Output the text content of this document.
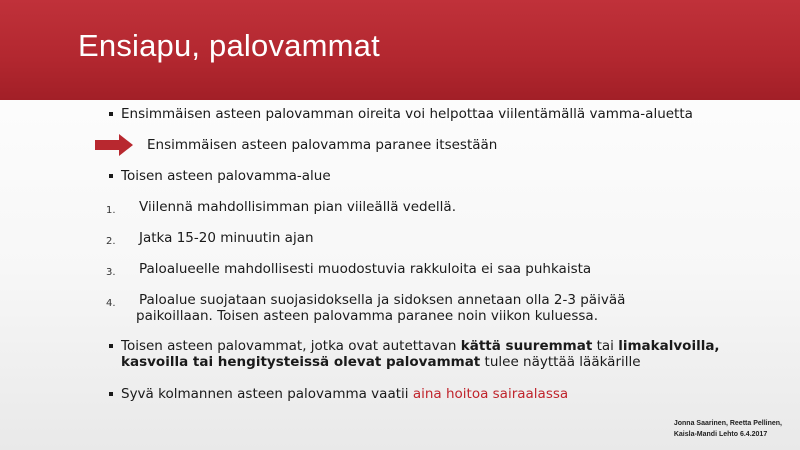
Ensiapu, palovammat
Ensimmäisen asteen palovamman oireita voi helpottaa viilentämällä vamma-aluetta
Ensimmäisen asteen palovamma paranee itsestään
Toisen asteen palovamma-alue
1. Viilennä mahdollisimman pian viileällä vedellä.
2. Jatka 15-20 minuutin ajan
3. Paloalueelle mahdollisesti muodostuvia rakkuloita ei saa puhkaista
4. Paloalue suojataan suojasidoksella ja sidoksen annetaan olla 2-3 päivää
paikoillaan. Toisen asteen palovamma paranee noin viikon kuluessa.
Toisen asteen palovammat, jotka ovat autettavan kättä suuremmat tai limakalvoilla,
kasvoilla tai hengitysteissä olevat palovammat tulee näyttää lääkärille
Syvä kolmannen asteen palovamma vaatii aina hoitoa sairaalassa
Jonna Saarinen, Reetta Pellinen,
Kaisla-Mandi Lehto 6.4.2017
